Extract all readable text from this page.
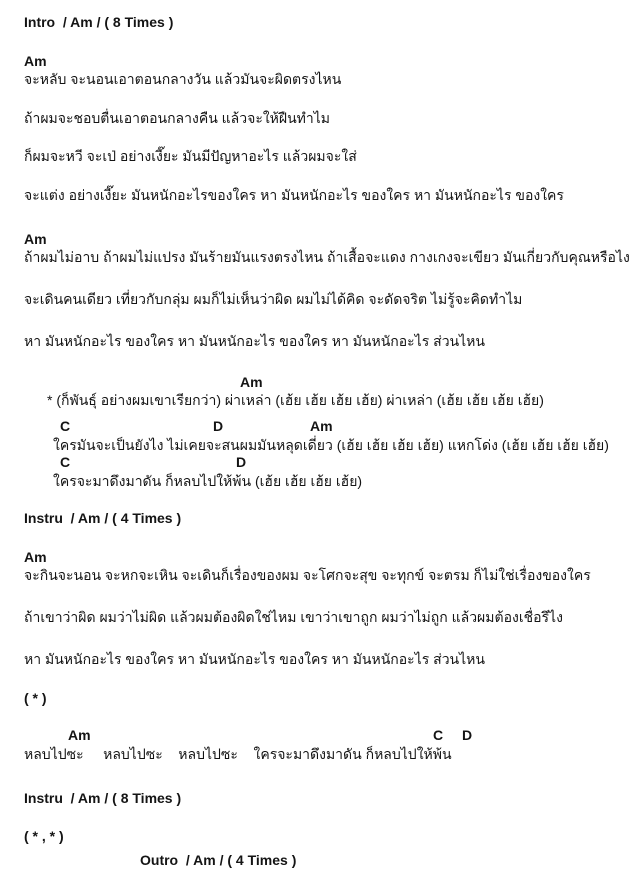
Intro  / Am / ( 8 Times )
Am
จะหลับ จะนอนเอาตอนกลางวัน แล้วมันจะผิดตรงไหน
ถ้าผมจะชอบตื่นเอาตอนกลางคืน แล้วจะให้ฝืนทำไม
ก็ผมจะหวี จะเป่ อย่างเงี๊ยะ มันมีปัญหาอะไร แล้วผมจะใส่
จะแต่ง อย่างเงี๊ยะ มันหนักอะไรของใคร หา มันหนักอะไร ของใคร หา มันหนักอะไร ของใคร
Am
ถ้าผมไม่อาบ ถ้าผมไม่แปรง มันร้ายมันแรงตรงไหน ถ้าเสื้อจะแดง กางเกงจะเขียว มันเกี่ยวกับคุณหรือไง
จะเดินคนเดียว เที่ยวกับกลุ่ม ผมก็ไม่เห็นว่าผิด ผมไม่ได้คิด จะดัดจริต ไม่รู้จะคิดทำไม
หา มันหนักอะไร ของใคร หา มันหนักอะไร ของใคร หา มันหนักอะไร ส่วนไหน
Am
* (ก็พันธุ์ อย่างผมเขาเรียกว่า) ผ่าเหล่า (เฮ้ย เฮ้ย เฮ้ย เฮ้ย) ผ่าเหล่า (เฮ้ย เฮ้ย เฮ้ย เฮ้ย)
C	D	Am
ใครมันจะเป็นยังไง ไม่เคยจะสนผมมันหลุดเดี่ยว (เฮ้ย เฮ้ย เฮ้ย เฮ้ย) แหกโด่ง (เฮ้ย เฮ้ย เฮ้ย เฮ้ย)
C	D
ใครจะมาดึงมาดัน ก็หลบไปให้พ้น (เฮ้ย เฮ้ย เฮ้ย เฮ้ย)
Instru  / Am / ( 4 Times )
Am
จะกินจะนอน จะหกจะเหิน จะเดินก็เรื่องของผม จะโศกจะสุข จะทุกข์ จะตรม ก็ไม่ใช่เรื่องของใคร
ถ้าเขาว่าผิด ผมว่าไม่ผิด แล้วผมต้องผิดใช่ไหม เขาว่าเขาถูก ผมว่าไม่ถูก แล้วผมต้องเชื่อรึไง
หา มันหนักอะไร ของใคร หา มันหนักอะไร ของใคร หา มันหนักอะไร ส่วนไหน
( * )
Am	C D
หลบไปซะ     หลบไปซะ    หลบไปซะ    ใครจะมาดึงมาดัน ก็หลบไปให้พ้น
Instru  / Am / ( 8 Times )
( * , * )
Outro  / Am / ( 4 Times )
